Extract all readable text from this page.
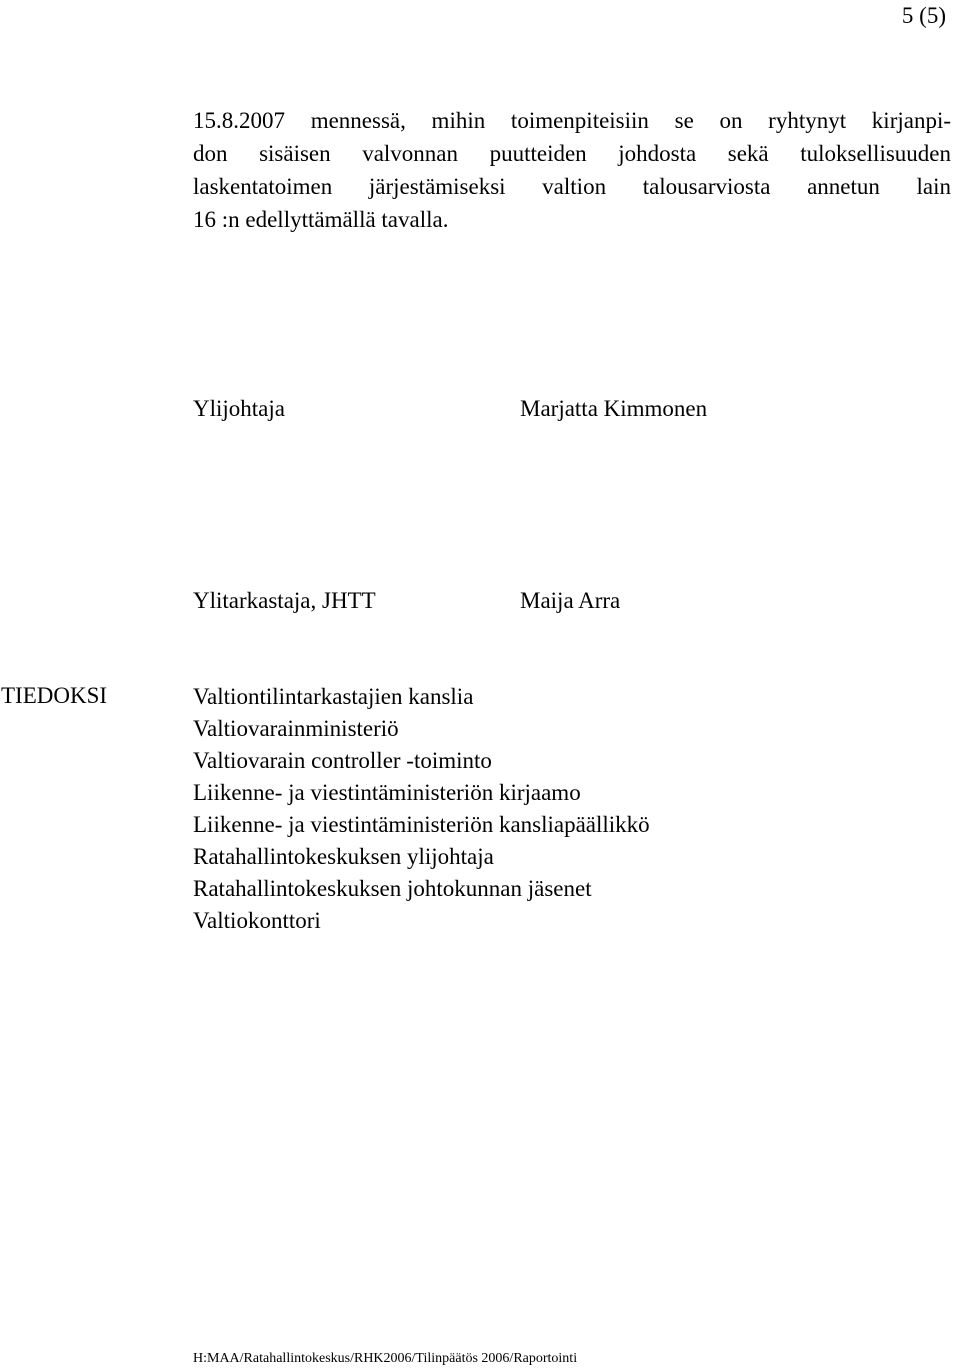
5 (5)
15.8.2007 mennessä, mihin toimenpiteisiin se on ryhtynyt kirjanpi-
don sisäisen valvonnan puutteiden johdosta sekä tuloksellisuuden
laskentatoimen järjestämiseksi valtion talousarviosta annetun lain
16 :n edellyttämällä tavalla.
Ylijohtaja	Marjatta Kimmonen
Ylitarkastaja, JHTT	Maija Arra
TIEDOKSI	Valtiontilintarkastajien kanslia
Valtiovarainministeriö
Valtiovarain controller -toiminto
Liikenne- ja viestintäministeriön kirjaamo
Liikenne- ja viestintäministeriön kansliapäällikkö
Ratahallintokeskuksen ylijohtaja
Ratahallintokeskuksen johtokunnan jäsenet
Valtiokonttori
H:MAA/Ratahallintokeskus/RHK2006/Tilinpäätös 2006/Raportointi
